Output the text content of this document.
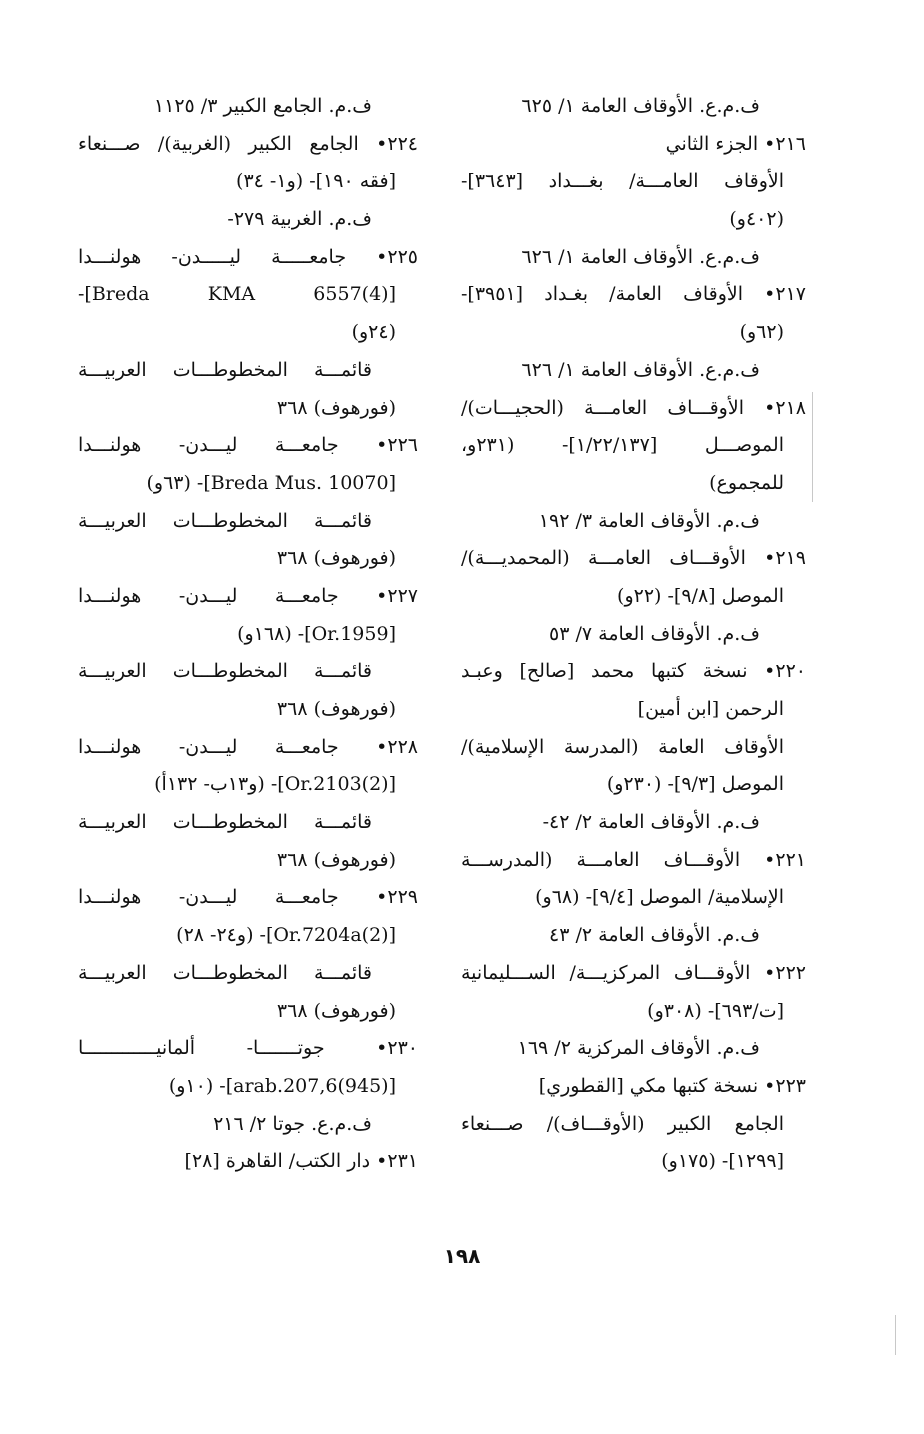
ف.م.ع. الأوقاف العامة ١/ ٦٢٥
٢١٦• الجزء الثاني
الأوقاف العامـــة/ بغـــداد [٣٦٤٣]-
(٤٠٢و)
ف.م.ع. الأوقاف العامة ١/ ٦٢٦
٢١٧• الأوقاف العامة/ بغـداد [٣٩٥١]-
(٦٢و)
ف.م.ع. الأوقاف العامة ١/ ٦٢٦
٢١٨• الأوقـــاف العامـــة (الحجيـــات)/
الموصـــل [١/٢٢/١٣٧]- (٢٣١و،
للمجموع)
ف.م. الأوقاف العامة ٣/ ١٩٢
٢١٩• الأوقـــاف العامـــة (المحمديـــة)/
الموصل [٩/٨]- (٢٢و)
ف.م. الأوقاف العامة ٧/ ٥٣
٢٢٠• نسخة كتبها محمد [صالح] وعبـد
الرحمن [ابن أمين]
الأوقاف العامة (المدرسة الإسلامية)/
الموصل [٩/٣]- (٢٣٠و)
ف.م. الأوقاف العامة ٢/ ٤٢-
٢٢١• الأوقـــاف العامـــة (المدرســـة
الإسلامية/ الموصل [٩/٤]- (٦٨و)
ف.م. الأوقاف العامة ٢/ ٤٣
٢٢٢• الأوقـــاف المركزيـــة/ الســـليمانية
[ت/٦٩٣]- (٣٠٨و)
ف.م. الأوقاف المركزية ٢/ ١٦٩
٢٢٣• نسخة كتبها مكي [القطوري]
الجامع الكبير (الأوقـــاف)/ صـــنعاء
[١٢٩٩]- (١٧٥و)
ف.م. الجامع الكبير ٣/ ١١٢٥
٢٢٤• الجامع الكبير (الغربية)/ صـــنعاء
[فقه ١٩٠]- (و١- ٣٤)
ف.م. الغربية ٢٧٩-
٢٢٥• جامعـــــة ليـــــدن- هولنـــدا
[Breda KMA 6557(4)]-
(٢٤و)
قائمـــة المخطوطـــات العربيـــة
(فورهوف) ٣٦٨
٢٢٦• جامعـــة ليـــدن- هولنـــدا
[Breda Mus. 10070]- (٦٣و)
قائمـــة المخطوطـــات العربيـــة
(فورهوف) ٣٦٨
٢٢٧• جامعـــة ليـــدن- هولنـــدا
[Or.1959]- (١٦٨و)
قائمـــة المخطوطـــات العربيـــة
(فورهوف) ٣٦٨
٢٢٨• جامعـــة ليـــدن- هولنـــدا
[Or.2103(2)]- (و١٣ب- ١٣٢أ)
قائمـــة المخطوطـــات العربيـــة
(فورهوف) ٣٦٨
٢٢٩• جامعـــة ليـــدن- هولنـــدا
[Or.7204a(2)]- (و٢٤- ٢٨)
قائمـــة المخطوطـــات العربيـــة
(فورهوف) ٣٦٨
٢٣٠• جوتـــــــا- ألمانيـــــــــــــا
[(945)arab.207,6]- (١٠و)
ف.م.ع. جوتا ٢/ ٢١٦
٢٣١• دار الكتب/ القاهرة [٢٨]
١٩٨
